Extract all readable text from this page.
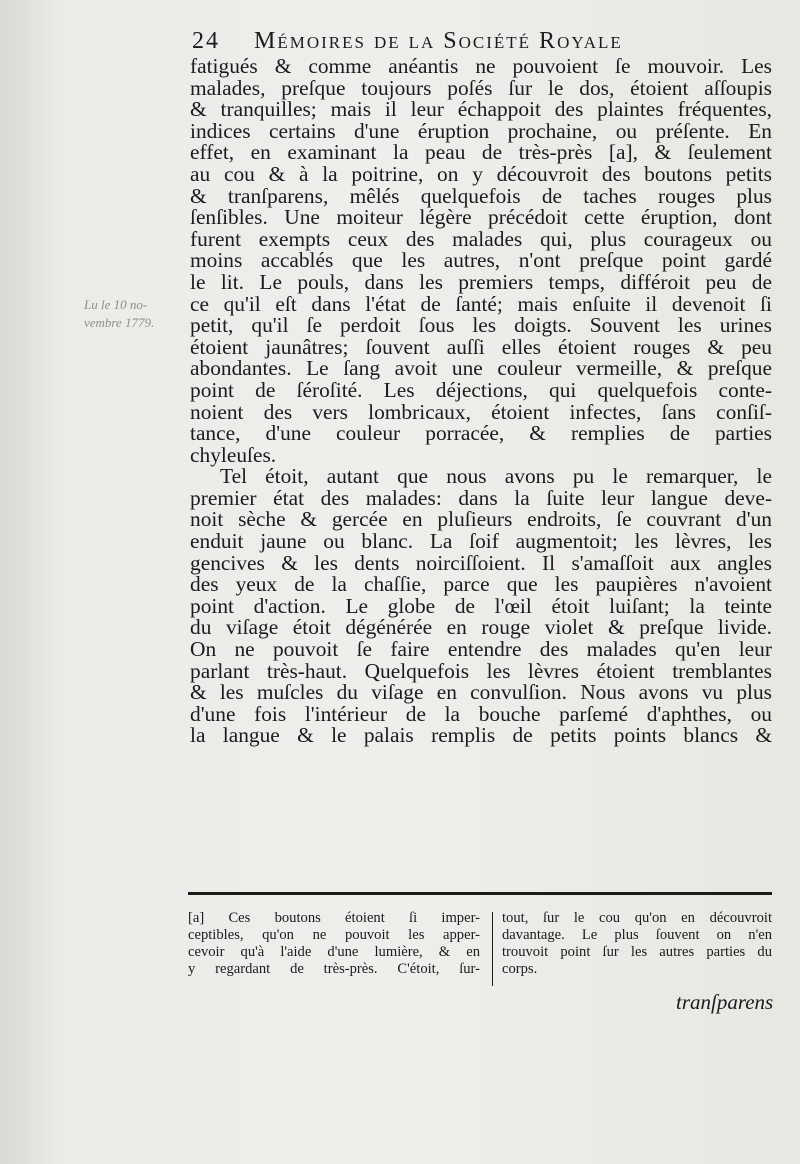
24 Mémoires de la Société Royale
Lu le 10 no-
vembre 1779.
fatigués & comme anéantis ne pouvoient ſe mouvoir. Les
malades, preſque toujours poſés ſur le dos, étoient aſſoupis
& tranquilles; mais il leur échappoit des plaintes fréquentes,
indices certains d'une éruption prochaine, ou préſente. En
effet, en examinant la peau de très-près [a], & ſeulement
au cou & à la poitrine, on y découvroit des boutons petits
& tranſparens, mêlés quelquefois de taches rouges plus
ſenſibles. Une moiteur légère précédoit cette éruption, dont
furent exempts ceux des malades qui, plus courageux ou
moins accablés que les autres, n'ont preſque point gardé
le lit. Le pouls, dans les premiers temps, différoit peu de
ce qu'il eſt dans l'état de ſanté; mais enſuite il devenoit ſi
petit, qu'il ſe perdoit ſous les doigts. Souvent les urines
étoient jaunâtres; ſouvent auſſi elles étoient rouges & peu
abondantes. Le ſang avoit une couleur vermeille, & preſque
point de ſéroſité. Les déjections, qui quelquefois conte-
noient des vers lombricaux, étoient infectes, ſans conſiſ-
tance, d'une couleur porracée, & remplies de parties
chyleuſes.
Tel étoit, autant que nous avons pu le remarquer, le
premier état des malades: dans la ſuite leur langue deve-
noit sèche & gercée en pluſieurs endroits, ſe couvrant d'un
enduit jaune ou blanc. La ſoif augmentoit; les lèvres, les
gencives & les dents noirciſſoient. Il s'amaſſoit aux angles
des yeux de la chaſſie, parce que les paupières n'avoient
point d'action. Le globe de l'œil étoit luiſant; la teinte
du viſage étoit dégénérée en rouge violet & preſque livide.
On ne pouvoit ſe faire entendre des malades qu'en leur
parlant très-haut. Quelquefois les lèvres étoient tremblantes
& les muſcles du viſage en convulſion. Nous avons vu plus
d'une fois l'intérieur de la bouche parſemé d'aphthes, ou
la langue & le palais remplis de petits points blancs &
[a] Ces boutons étoient ſi imper-
ceptibles, qu'on ne pouvoit les apper-
cevoir qu'à l'aide d'une lumière, & en
y regardant de très-près. C'étoit, ſur-
tout, ſur le cou qu'on en découvroit
davantage. Le plus ſouvent on n'en
trouvoit point ſur les autres parties du
corps.
tranſparens
